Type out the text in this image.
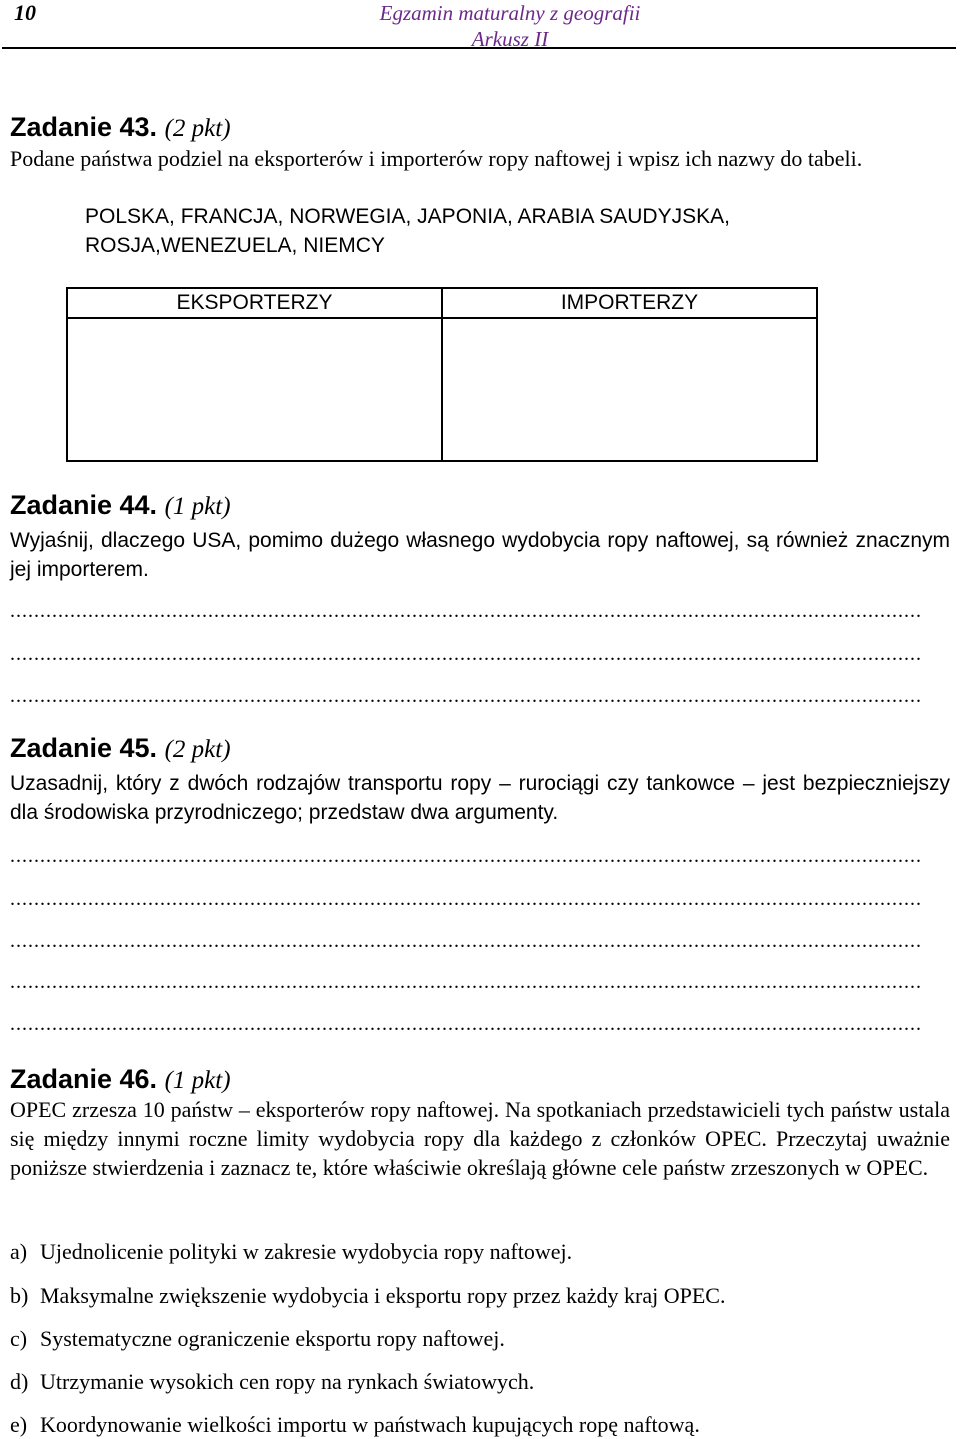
10	Egzamin maturalny z geografii
Arkusz II
Zadanie 43. (2 pkt)
Podane państwa podziel na eksporterów i importerów ropy naftowej i wpisz ich nazwy do tabeli.
POLSKA, FRANCJA, NORWEGIA, JAPONIA, ARABIA SAUDYJSKA,
ROSJA,WENEZUELA, NIEMCY
EKSPORTERZY	IMPORTERZY

Zadanie 44. (1 pkt)
Wyjaśnij, dlaczego USA, pomimo dużego własnego wydobycia ropy naftowej, są również znacznym jej importerem.
........................................................................................................................................................
........................................................................................................................................................
........................................................................................................................................................
Zadanie 45. (2 pkt)
Uzasadnij, który z dwóch rodzajów transportu ropy – rurociągi czy tankowce – jest bezpieczniejszy dla środowiska przyrodniczego; przedstaw dwa argumenty.
........................................................................................................................................................
........................................................................................................................................................
........................................................................................................................................................
........................................................................................................................................................
........................................................................................................................................................
Zadanie 46. (1 pkt)
OPEC zrzesza 10 państw – eksporterów ropy naftowej. Na spotkaniach przedstawicieli tych państw ustala się między innymi roczne limity wydobycia ropy dla każdego z członków OPEC. Przeczytaj uważnie poniższe stwierdzenia i zaznacz te, które właściwie określają główne cele państw zrzeszonych w OPEC.
a) Ujednolicenie polityki w zakresie wydobycia ropy naftowej.
b) Maksymalne zwiększenie wydobycia i eksportu ropy przez każdy kraj OPEC.
c) Systematyczne ograniczenie eksportu ropy naftowej.
d) Utrzymanie wysokich cen ropy na rynkach światowych.
e) Koordynowanie wielkości importu w państwach kupujących ropę naftową.
